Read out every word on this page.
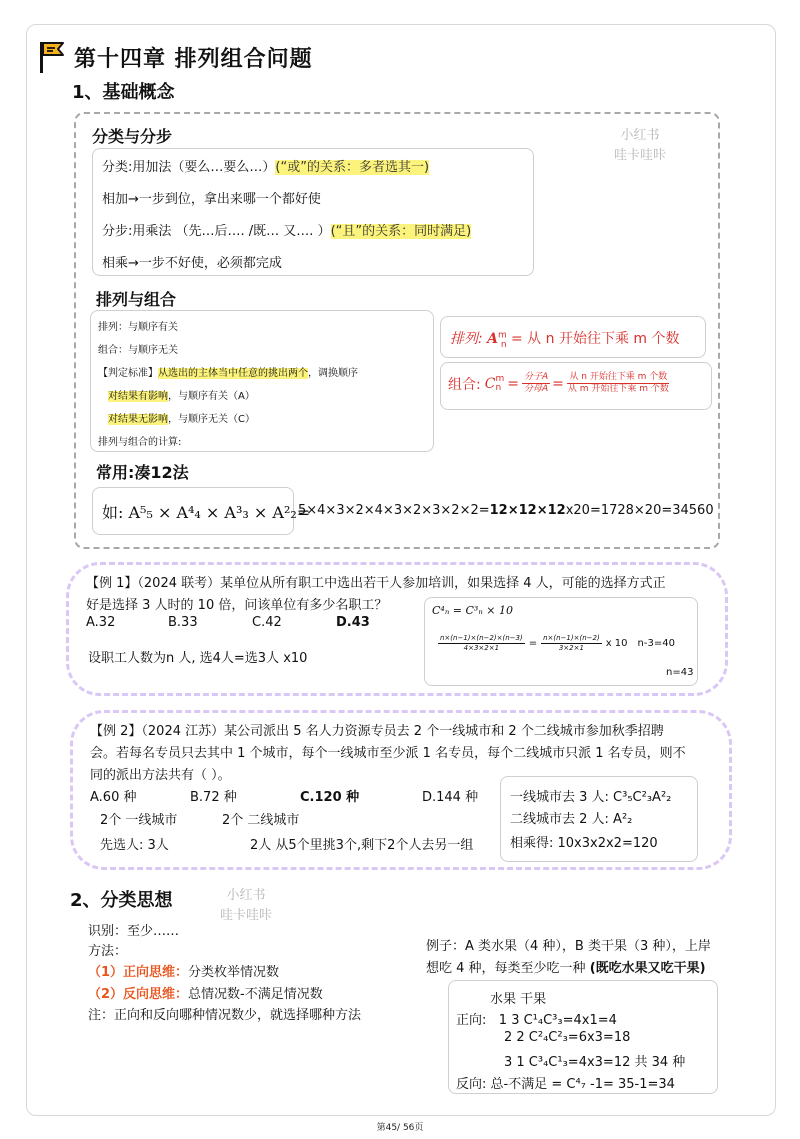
第十四章 排列组合问题
1、基础概念
小红书
哇卡哇咔
分类与分步
分类:用加法（要么…要么…）(“或”的关系：多者选其一)
相加→一步到位，拿出来哪一个都好使
分步:用乘法 （先…后…. /既… 又…. ）(“且”的关系：同时满足)
相乘→一步不好使，必须都完成
排列与组合
排列：与顺序有关
组合：与顺序无关
【判定标准】从选出的主体当中任意的挑出两个，调换顺序
对结果有影响，与顺序有关（A）
对结果无影响，与顺序无关（C）
排列与组合的计算:
排列: $A^m_n$ = 从 n 开始往下乘 m 个数
组合: C m
$n = \frac{\text{分子A}}{\text{分母A}} = \frac{\text{从 n 开始往下乘 m 个数}}{\text{从 m 开始往下乘 m 个数}}$
常用:凑12法
如: A⁵₅ × A⁴₄ × A³₃ × A²₂=
5×4×3×2×4×3×2×3×2×2=12×12×12x20=1728×20=34560
【例 1】（2024 联考）某单位从所有职工中选出若干人参加培训，如果选择 4 人，可能的选择方式正
好是选择 3 人时的 10 倍，问该单位有多少名职工？
A.32	B.33	C.42	D.43
设职工人数为n 人, 选4人=选3人 x10
C⁴ₙ = C³ₙ × 10
$\frac{n\times(n-1)\times(n-2)\times(n-3)}{4\times 3\times 2\times 1} = \frac{n\times(n-1)\times(n-2)}{3\times 2\times 1}$ x 10 n-3=40
n=43
【例 2】（2024 江苏）某公司派出 5 名人力资源专员去 2 个一线城市和 2 个二线城市参加秋季招聘
会。若每名专员只去其中 1 个城市，每个一线城市至少派 1 名专员，每个二线城市只派 1 名专员，则不
同的派出方法共有（ ）。
A.60 种	B.72 种	C.120 种	D.144 种
2个 一线城市	2个 二线城市
先选人: 3人	2人 从5个里挑3个,剩下2个人去另一组
一线城市去 3 人: C³₅C²₃A²₂
二线城市去 2 人: A²₂
相乘得: 10x3x2x2=120
2、分类思想	小红书
哇卡哇咔
识别：至少……
方法：
（1）正向思维：分类枚举情况数
（2）反向思维：总情况数-不满足情况数
注：正向和反向哪种情况数少，就选择哪种方法
例子：A 类水果（4 种），B 类干果（3 种），上岸
想吃 4 种，每类至少吃一种 (既吃水果又吃干果)
水果 干果
正向: 1 3 C¹₄C³₃=4x1=4
2 2 C²₄C²₃=6x3=18
3 1 C³₄C¹₃=4x3=12 共 34 种
反向: 总-不满足 = C⁴₇ -1= 35-1=34
第45/ 56页
